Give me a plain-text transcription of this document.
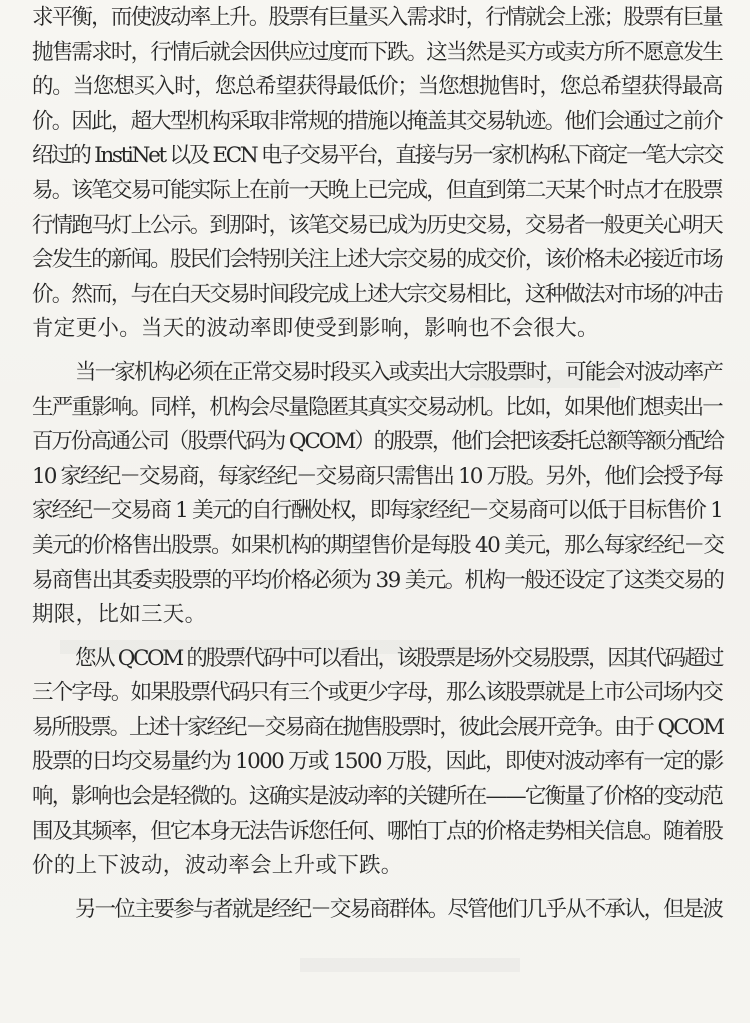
求平衡，而使波动率上升。股票有巨量买入需求时，行情就会上涨；股票有巨量
抛售需求时，行情后就会因供应过度而下跌。这当然是买方或卖方所不愿意发生
的。当您想买入时，您总希望获得最低价；当您想抛售时，您总希望获得最高
价。因此，超大型机构采取非常规的措施以掩盖其交易轨迹。他们会通过之前介
绍过的 InstiNet 以及 ECN 电子交易平台，直接与另一家机构私下商定一笔大宗交
易。该笔交易可能实际上在前一天晚上已完成，但直到第二天某个时点才在股票
行情跑马灯上公示。到那时，该笔交易已成为历史交易，交易者一般更关心明天
会发生的新闻。股民们会特别关注上述大宗交易的成交价，该价格未必接近市场
价。然而，与在白天交易时间段完成上述大宗交易相比，这种做法对市场的冲击
肯定更小。当天的波动率即使受到影响，影响也不会很大。
当一家机构必须在正常交易时段买入或卖出大宗股票时，可能会对波动率产
生严重影响。同样，机构会尽量隐匿其真实交易动机。比如，如果他们想卖出一
百万份高通公司（股票代码为 QCOM）的股票，他们会把该委托总额等额分配给
10 家经纪－交易商，每家经纪－交易商只需售出 10 万股。另外，他们会授予每
家经纪－交易商 1 美元的自行酬处权，即每家经纪－交易商可以低于目标售价 1
美元的价格售出股票。如果机构的期望售价是每股 40 美元，那么每家经纪－交
易商售出其委卖股票的平均价格必须为 39 美元。机构一般还设定了这类交易的
期限，比如三天。
您从 QCOM 的股票代码中可以看出，该股票是场外交易股票，因其代码超过
三个字母。如果股票代码只有三个或更少字母，那么该股票就是上市公司场内交
易所股票。上述十家经纪－交易商在抛售股票时，彼此会展开竞争。由于 QCOM
股票的日均交易量约为 1000 万或 1500 万股，因此，即使对波动率有一定的影
响，影响也会是轻微的。这确实是波动率的关键所在——它衡量了价格的变动范
围及其频率，但它本身无法告诉您任何、哪怕丁点的价格走势相关信息。随着股
价的上下波动，波动率会上升或下跌。
另一位主要参与者就是经纪－交易商群体。尽管他们几乎从不承认，但是波
